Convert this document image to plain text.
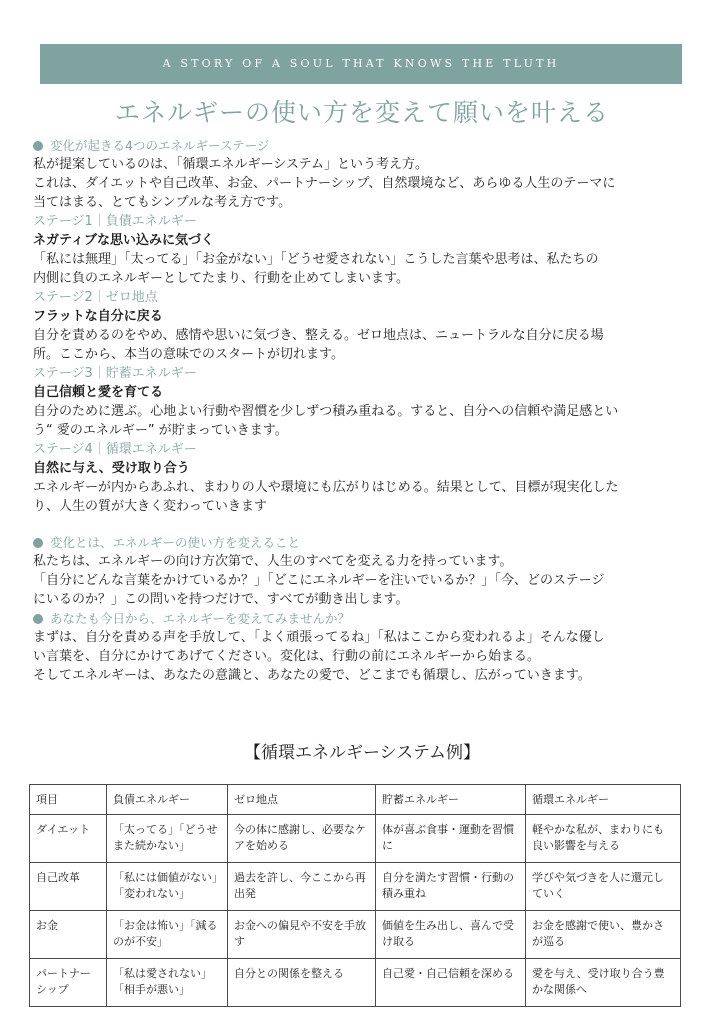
A STORY OF A SOUL THAT KNOWS THE TLUTH
エネルギーの使い方を変えて願いを叶える
変化が起きる4つのエネルギーステージ
私が提案しているのは、「循環エネルギーシステム」という考え方。
これは、ダイエットや自己改革、お金、パートナーシップ、自然環境など、あらゆる人生のテーマに
当てはまる、とてもシンプルな考え方です。
ステージ1｜負債エネルギー
ネガティブな思い込みに気づく
「私には無理」「太ってる」「お金がない」「どうせ愛されない」こうした言葉や思考は、私たちの
内側に負のエネルギーとしてたまり、行動を止めてしまいます。
ステージ2｜ゼロ地点
フラットな自分に戻る
自分を責めるのをやめ、感情や思いに気づき、整える。ゼロ地点は、ニュートラルな自分に戻る場
所。ここから、本当の意味でのスタートが切れます。
ステージ3｜貯蓄エネルギー
自己信頼と愛を育てる
自分のために選ぶ。心地よい行動や習慣を少しずつ積み重ねる。すると、自分への信頼や満足感とい
う“ 愛のエネルギー” が貯まっていきます。
ステージ4｜循環エネルギー
自然に与え、受け取り合う
エネルギーが内からあふれ、まわりの人や環境にも広がりはじめる。結果として、目標が現実化した
り、人生の質が大きく変わっていきます
変化とは、エネルギーの使い方を変えること
私たちは、エネルギーの向け方次第で、人生のすべてを変える力を持っています。
「自分にどんな言葉をかけているか？」「どこにエネルギーを注いでいるか？」「今、どのステージ
にいるのか？」この問いを持つだけで、すべてが動き出します。
あなたも今日から、エネルギーを変えてみませんか？
まずは、自分を責める声を手放して、「よく頑張ってるね」「私はここから変われるよ」そんな優し
い言葉を、自分にかけてあげてください。変化は、行動の前にエネルギーから始まる。
そしてエネルギーは、あなたの意識と、あなたの愛で、どこまでも循環し、広がっていきます。
【循環エネルギーシステム例】
項目	負債エネルギー	ゼロ地点	貯蓄エネルギー	循環エネルギー
ダイエット	「太ってる」「どうせまた続かない」	今の体に感謝し、必要なケアを始める	体が喜ぶ食事・運動を習慣に	軽やかな私が、まわりにも良い影響を与える
自己改革	「私には価値がない」「変われない」	過去を許し、今ここから再出発	自分を満たす習慣・行動の積み重ね	学びや気づきを人に還元していく
お金	「お金は怖い」「減るのが不安」	お金への偏見や不安を手放す	価値を生み出し、喜んで受け取る	お金を感謝で使い、豊かさが巡る
パートナーシップ	「私は愛されない」「相手が悪い」	自分との関係を整える	自己愛・自己信頼を深める	愛を与え、受け取り合う豊かな関係へ
